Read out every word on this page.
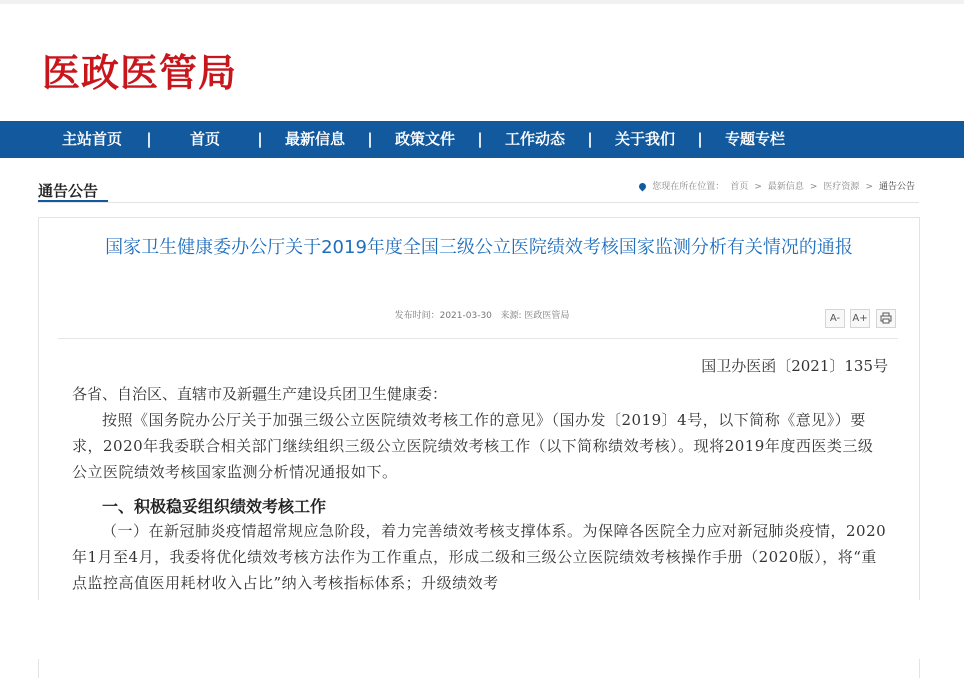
医政医管局
主站首页 |	首页 | 最新信息 | 政策文件 | 工作动态 | 关于我们 | 专题专栏
通告公告	您现在所在位置： 首页 > 最新信息 > 医疗资源 > 通告公告
国家卫生健康委办公厅关于2019年度全国三级公立医院绩效考核国家监测分析有关情况的通报
发布时间：2021-03-30 来源: 医政医管局	A-	A+
国卫办医函〔2021〕135号
各省、自治区、直辖市及新疆生产建设兵团卫生健康委：
按照《国务院办公厅关于加强三级公立医院绩效考核工作的意见》（国办发〔2019〕4号，以下简称《意见》）要求，2020年我委联合相关部门继续组织三级公立医院绩效考核工作（以下简称绩效考核）。现将2019年度西医类三级公立医院绩效考核国家监测分析情况通报如下。
一、积极稳妥组织绩效考核工作
（一）在新冠肺炎疫情超常规应急阶段，着力完善绩效考核支撑体系。为保障各医院全力应对新冠肺炎疫情，2020年1月至4月，我委将优化绩效考核方法作为工作重点，形成二级和三级公立医院绩效考核操作手册（2020版），将“重点监控高值医用耗材收入占比”纳入考核指标体系；升级绩效考
